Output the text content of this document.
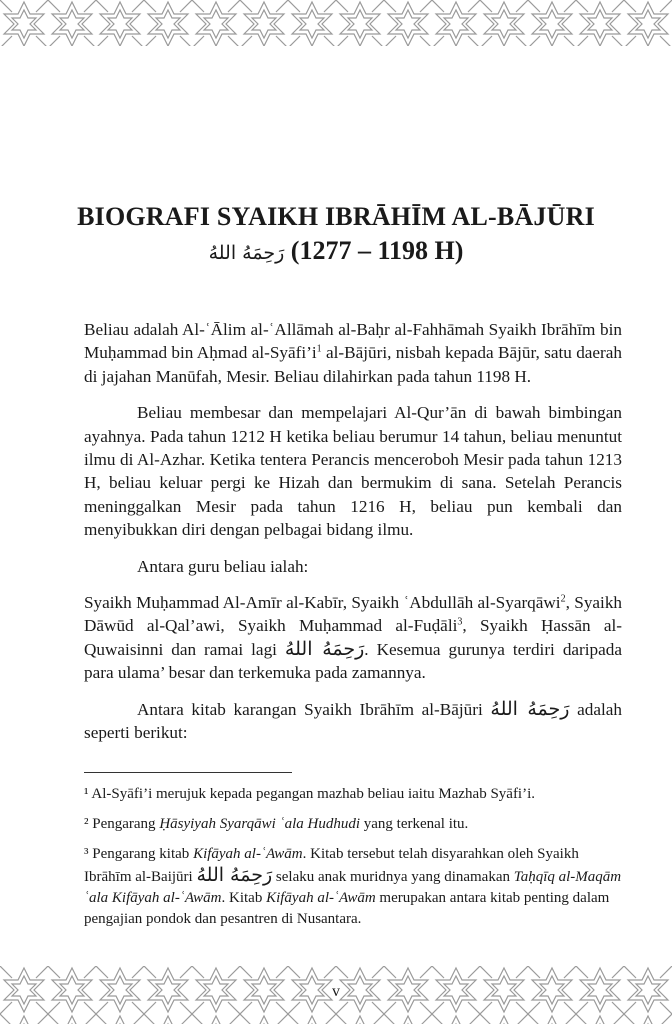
BIOGRAFI SYAIKH IBRĀHĪM AL-BĀJŪRI
رَحِمَهُ اللهُ (1198 – 1277 H)

Beliau adalah Al-ʿĀlim al-ʿAllāmah al-Baḥr al-Fahhāmah Syaikh Ibrāhīm bin Muḥammad bin Aḥmad $al-Syāfi’i^1$ al-Bājūri, nisbah kepada Bājūr, satu daerah di jajahan Manūfah, Mesir. Beliau dilahirkan pada tahun 1198 H.

Beliau membesar dan mempelajari Al-Qur’ān di bawah bimbingan ayahnya. Pada tahun 1212 H ketika beliau berumur 14 tahun, beliau menuntut ilmu di Al-Azhar. Ketika tentera Perancis menceroboh Mesir pada tahun 1213 H, beliau keluar pergi ke Hizah dan bermukim di sana. Setelah Perancis meninggalkan Mesir pada tahun 1216 H, beliau pun kembali dan menyibukkan diri dengan pelbagai bidang ilmu.

Antara guru beliau ialah:

Syaikh Muḥammad Al-Amīr al-Kabīr, Syaikh ʿAbdullāh al-Syarqāwi$^2$, Syaikh Dāwūd al-Qal’awi, Syaikh Muḥammad al-Fuḍāli$^3$, Syaikh Ḥassān al-Quwaisinni dan ramai lagi رَحِمَهُ اللهُ. Kesemua gurunya terdiri daripada para ulama’ besar dan terkemuka pada zamannya.

Antara kitab karangan Syaikh Ibrāhīm al-Bājūri رَحِمَهُ اللهُ adalah seperti berikut:

¹ Al-Syāfi’i merujuk kepada pegangan mazhab beliau iaitu Mazhab Syāfi’i.

² Pengarang Ḥāsyiyah Syarqāwi ʿala Hudhudi yang terkenal itu.

³ Pengarang kitab Kifāyah al-ʿAwām. Kitab tersebut telah disyarahkan oleh Syaikh Ibrāhīm al-Baijūri رَحِمَهُ اللهُ selaku anak muridnya yang dinamakan Taḥqīq al-Maqām ʿala Kifāyah al-ʿAwām. Kitab Kifāyah al-ʿAwām merupakan antara kitab penting dalam pengajian pondok dan pesantren di Nusantara.

v
